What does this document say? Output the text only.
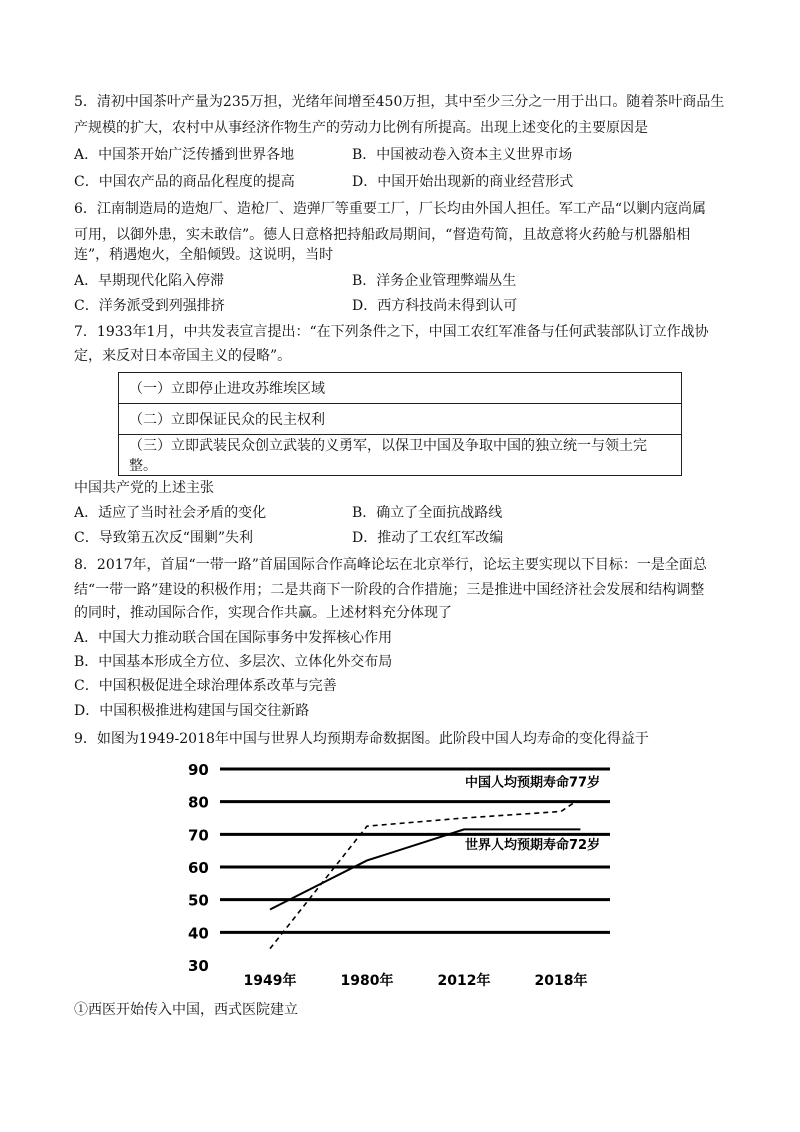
5．清初中国茶叶产量为235万担，光绪年间增至450万担，其中至少三分之一用于出口。随着茶叶商品生
产规模的扩大，农村中从事经济作物生产的劳动力比例有所提高。出现上述变化的主要原因是
A．中国茶开始广泛传播到世界各地	B．中国被动卷入资本主义世界市场
C．中国农产品的商品化程度的提高	D．中国开始出现新的商业经营形式
6．江南制造局的造炮厂、造枪厂、造弹厂等重要工厂，厂长均由外国人担任。军工产品“以剿内寇尚属
可用，以御外患，实未敢信”。德人日意格把持船政局期间，“督造苟简，且故意将火药舱与机器船相
连”，稍遇炮火，全船倾毁。这说明，当时
A．早期现代化陷入停滞	B．洋务企业管理弊端丛生
C．洋务派受到列强排挤	D．西方科技尚未得到认可
7．1933年1月，中共发表宣言提出：“在下列条件之下，中国工农红军准备与任何武装部队订立作战协
定，来反对日本帝国主义的侵略”。
（一）立即停止进攻苏维埃区域
（二）立即保证民众的民主权利
（三）立即武装民众创立武装的义勇军，以保卫中国及争取中国的独立统一与领土完整。
中国共产党的上述主张
A．适应了当时社会矛盾的变化	B．确立了全面抗战路线
C．导致第五次反“围剿”失利	D．推动了工农红军改编
8．2017年，首届“一带一路”首届国际合作高峰论坛在北京举行，论坛主要实现以下目标：一是全面总
结“一带一路”建设的积极作用；二是共商下一阶段的合作措施；三是推进中国经济社会发展和结构调整
的同时，推动国际合作，实现合作共赢。上述材料充分体现了
A．中国大力推动联合国在国际事务中发挥核心作用
B．中国基本形成全方位、多层次、立体化外交布局
C．中国积极促进全球治理体系改革与完善
D．中国积极推进构建国与国交往新路
9．如图为1949-2018年中国与世界人均预期寿命数据图。此阶段中国人均寿命的变化得益于
90
80
70
60
50
40
30
1949年	1980年	2012年	2018年
中国人均预期寿命77岁
世界人均预期寿命72岁
①西医开始传入中国，西式医院建立
